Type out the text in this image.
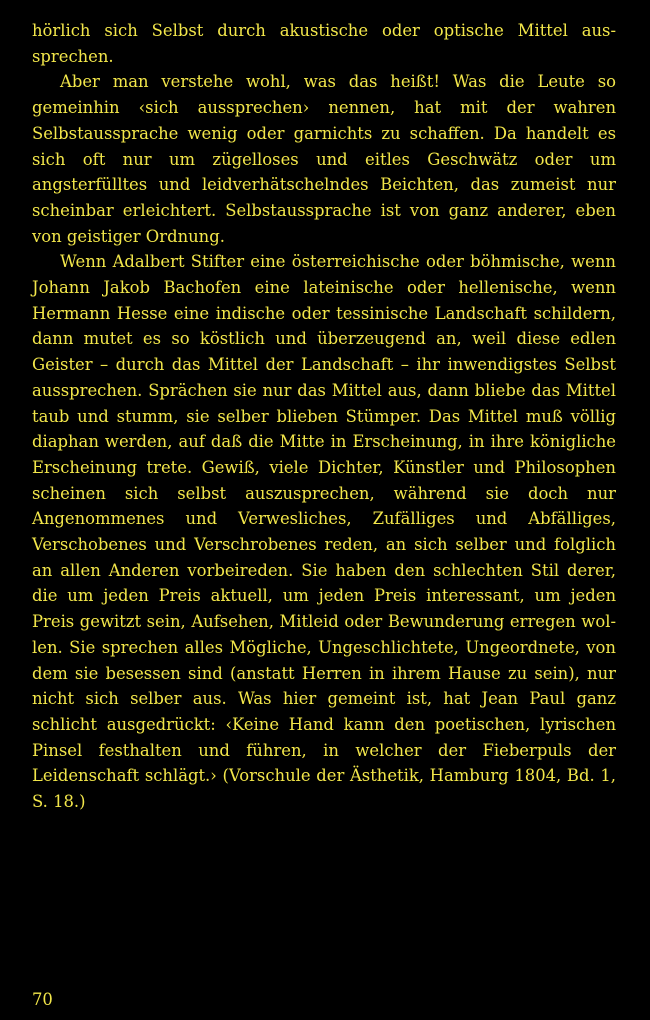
hörlich sich Selbst durch akustische oder optische Mittel aussprechen.

Aber man verstehe wohl, was das heißt! Was die Leute so gemeinhin ‹sich aussprechen› nennen, hat mit der wahren Selbstaussprache wenig oder garnichts zu schaffen. Da handelt es sich oft nur um zügelloses und eitles Geschwätz oder um angsterfülltes und leidverhätschelndes Beichten, das zumeist nur scheinbar erleichtert. Selbstaussprache ist von ganz anderer, eben von geistiger Ordnung.

Wenn Adalbert Stifter eine österreichische oder böhmische, wenn Johann Jakob Bachofen eine lateinische oder hellenische, wenn Hermann Hesse eine indische oder tessinische Landschaft schildern, dann mutet es so köstlich und überzeugend an, weil diese edlen Geister – durch das Mittel der Landschaft – ihr inwendigstes Selbst aussprechen. Sprächen sie nur das Mittel aus, dann bliebe das Mittel taub und stumm, sie selber blieben Stümper. Das Mittel muß völlig diaphan werden, auf daß die Mitte in Erscheinung, in ihre königliche Erscheinung trete. Gewiß, viele Dichter, Künstler und Philosophen scheinen sich selbst auszusprechen, während sie doch nur Angenommenes und Verwesliches, Zufälliges und Abfälliges, Verschobenes und Verschrobenes reden, an sich selber und folglich an allen Anderen vorbeireden. Sie haben den schlechten Stil derer, die um jeden Preis aktuell, um jeden Preis interessant, um jeden Preis gewitzt sein, Aufsehen, Mitleid oder Bewunderung erregen wollen. Sie sprechen alles Mögliche, Ungeschlichtete, Ungeordnete, von dem sie besessen sind (anstatt Herren in ihrem Hause zu sein), nur nicht sich selber aus. Was hier gemeint ist, hat Jean Paul ganz schlicht ausgedrückt: ‹Keine Hand kann den poetischen, lyrischen Pinsel festhalten und führen, in welcher der Fieberpuls der Leidenschaft schlägt.› (Vorschule der Ästhetik, Hamburg 1804, Bd. 1, S. 18.)

70
